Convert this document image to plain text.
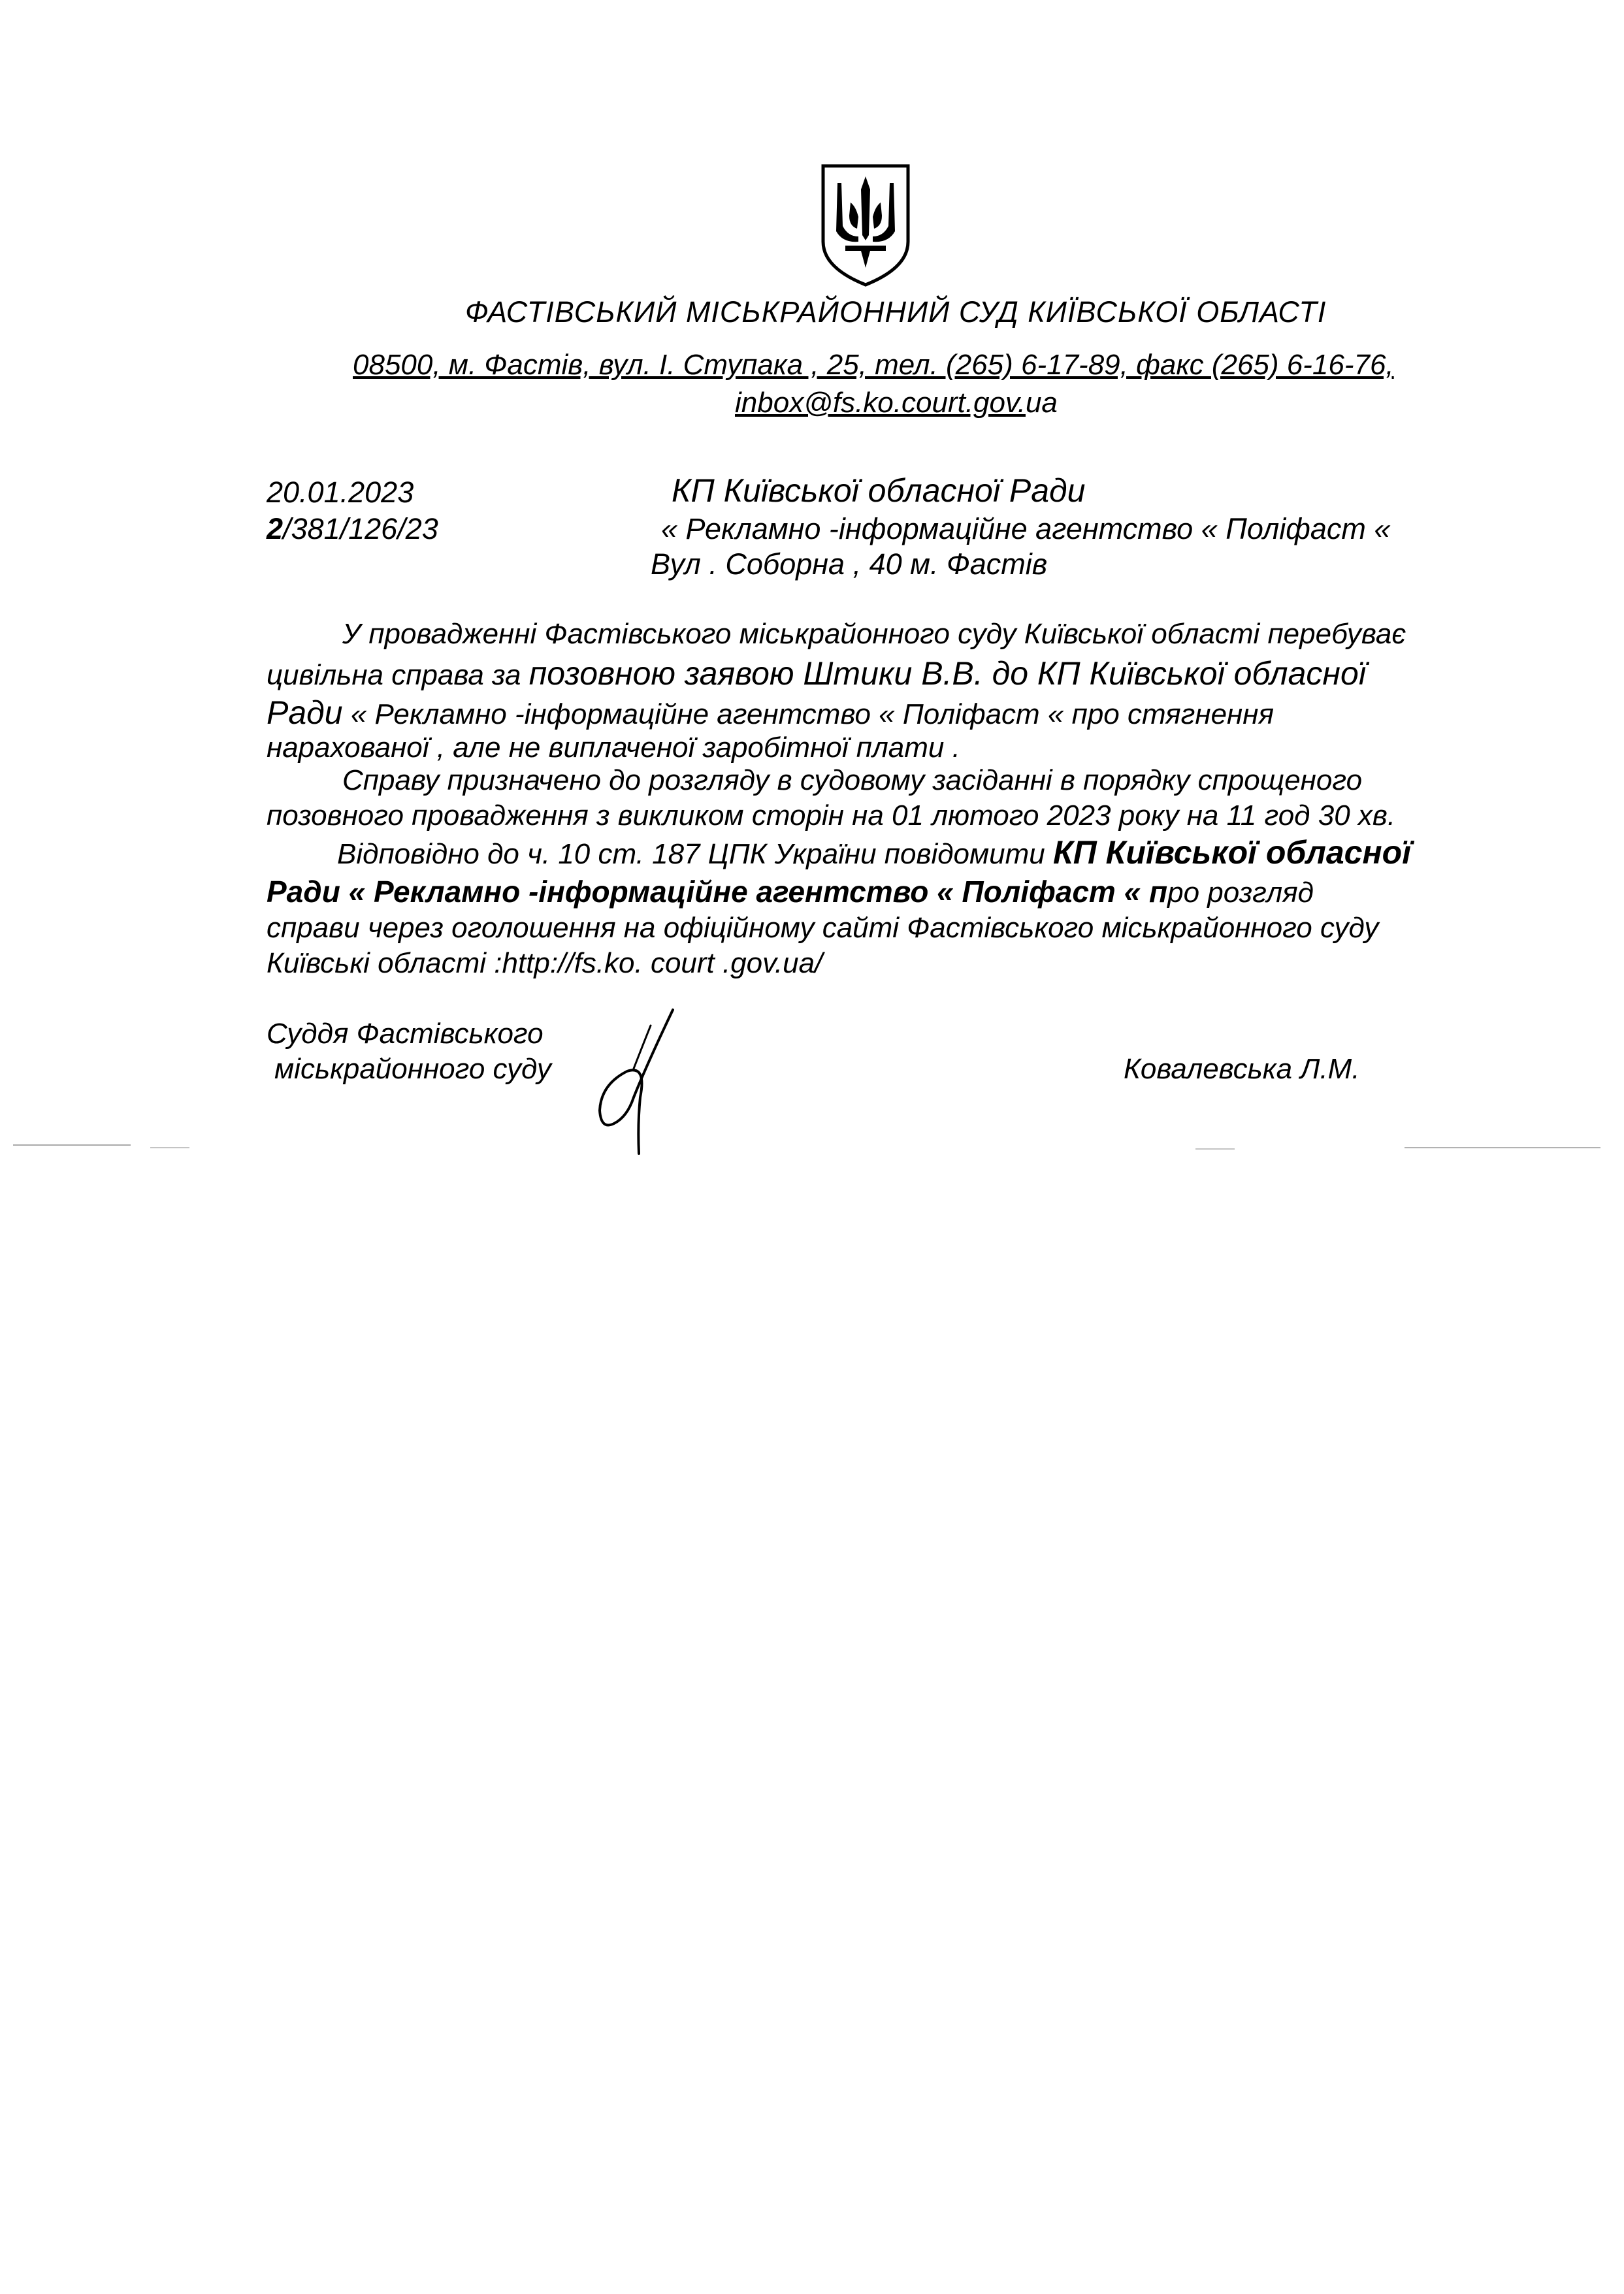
ФАСТІВСЬКИЙ МІСЬКРАЙОННИЙ СУД КИЇВСЬКОЇ ОБЛАСТІ
08500, м. Фастів, вул. І. Ступака , 25, тел. (265) 6-17-89, факс (265) 6-16-76,
inbox@fs.ko.court.gov.ua
20.01.2023
2/381/126/23
КП Київської обласної Ради
« Рекламно -інформаційне агентство « Поліфаст «
Вул . Соборна , 40 м. Фастів
У провадженні Фастівського міськрайонного суду Київської області перебуває
цивільна справа за позовною заявою Штики В.В. до КП Київської обласної
Ради « Рекламно -інформаційне агентство « Поліфаст « про стягнення
нарахованої , але не виплаченої заробітної плати .
Справу призначено до розгляду в судовому засіданні в порядку спрощеного
позовного провадження з викликом сторін на 01 лютого 2023 року на 11 год 30 хв.
Відповідно до ч. 10 ст. 187 ЦПК України повідомити КП Київської обласної
Ради « Рекламно -інформаційне агентство « Поліфаст « про розгляд
справи через оголошення на офіційному сайті Фастівського міськрайонного суду
Київські області :http://fs.ko. court .gov.ua/
Суддя Фастівського
міськрайонного суду	Ковалевська Л.М.
